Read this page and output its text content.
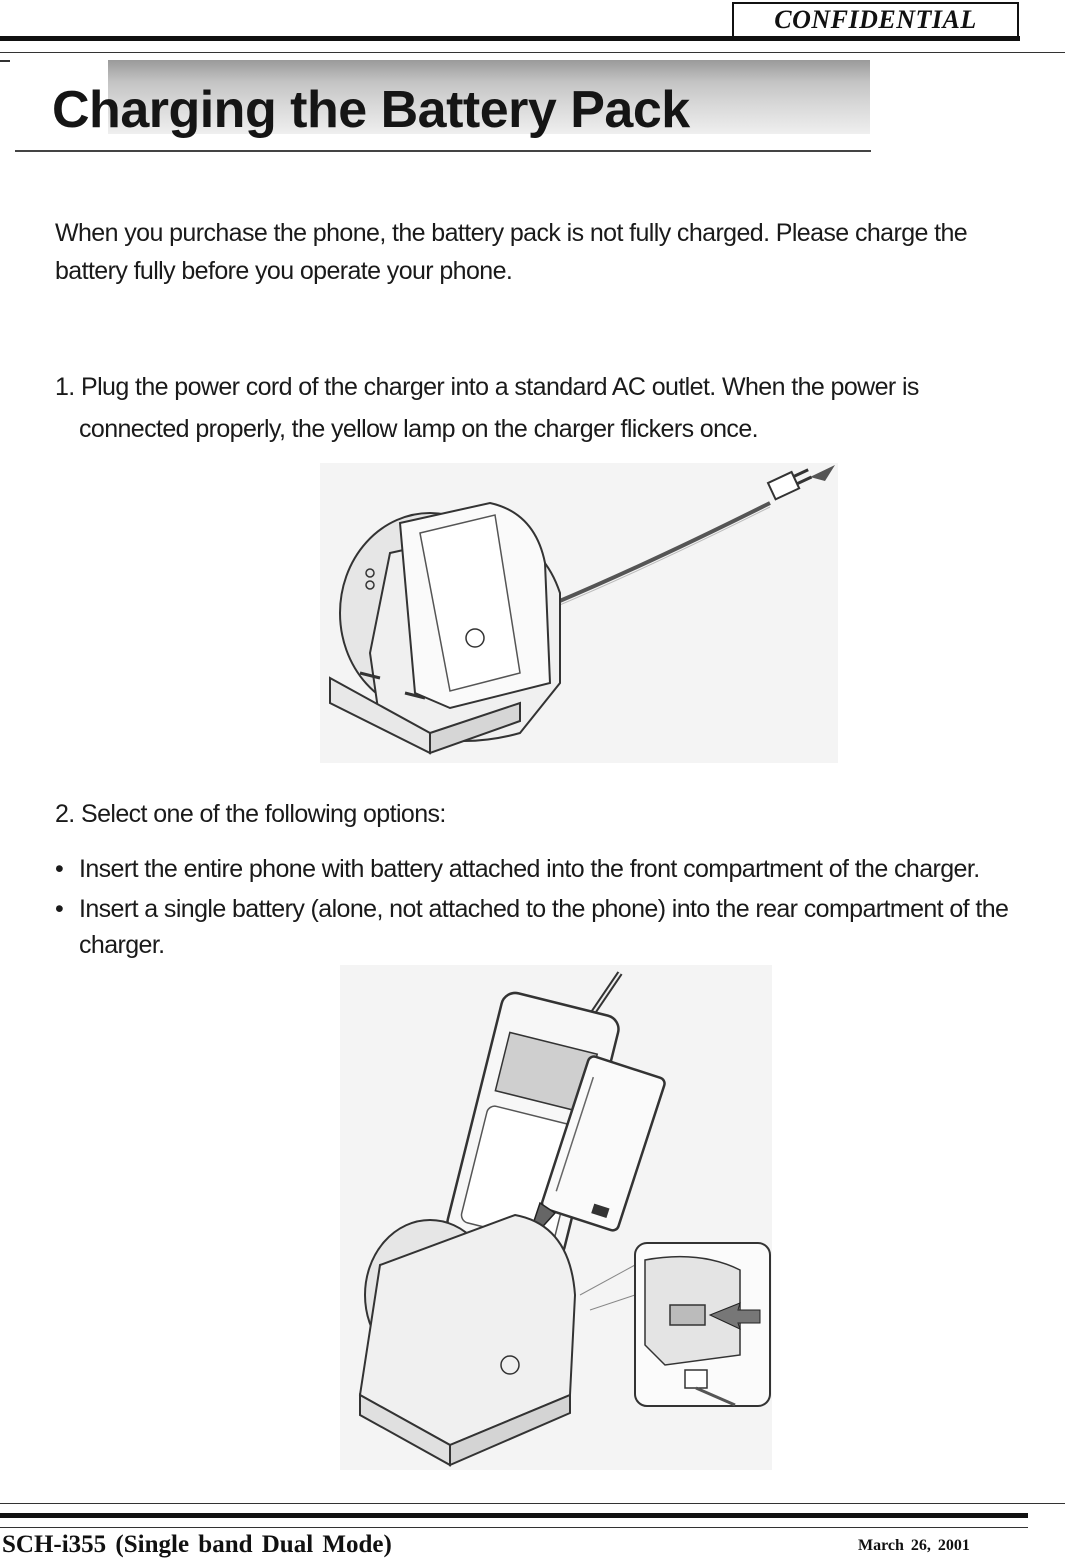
CONFIDENTIAL
Charging the Battery Pack
When you purchase the phone, the battery pack is not fully charged. Please charge the battery fully before you operate your phone.
1. Plug the power cord of the charger into a standard AC outlet. When the power is
connected properly, the yellow lamp on the charger flickers once.
2. Select one of the following options:
• Insert the entire phone with battery attached into the front compartment of the charger.
• Insert a single battery (alone, not attached to the phone) into the rear compartment of the
charger.
SCH-i355 (Single band Dual Mode)	March 26, 2001
